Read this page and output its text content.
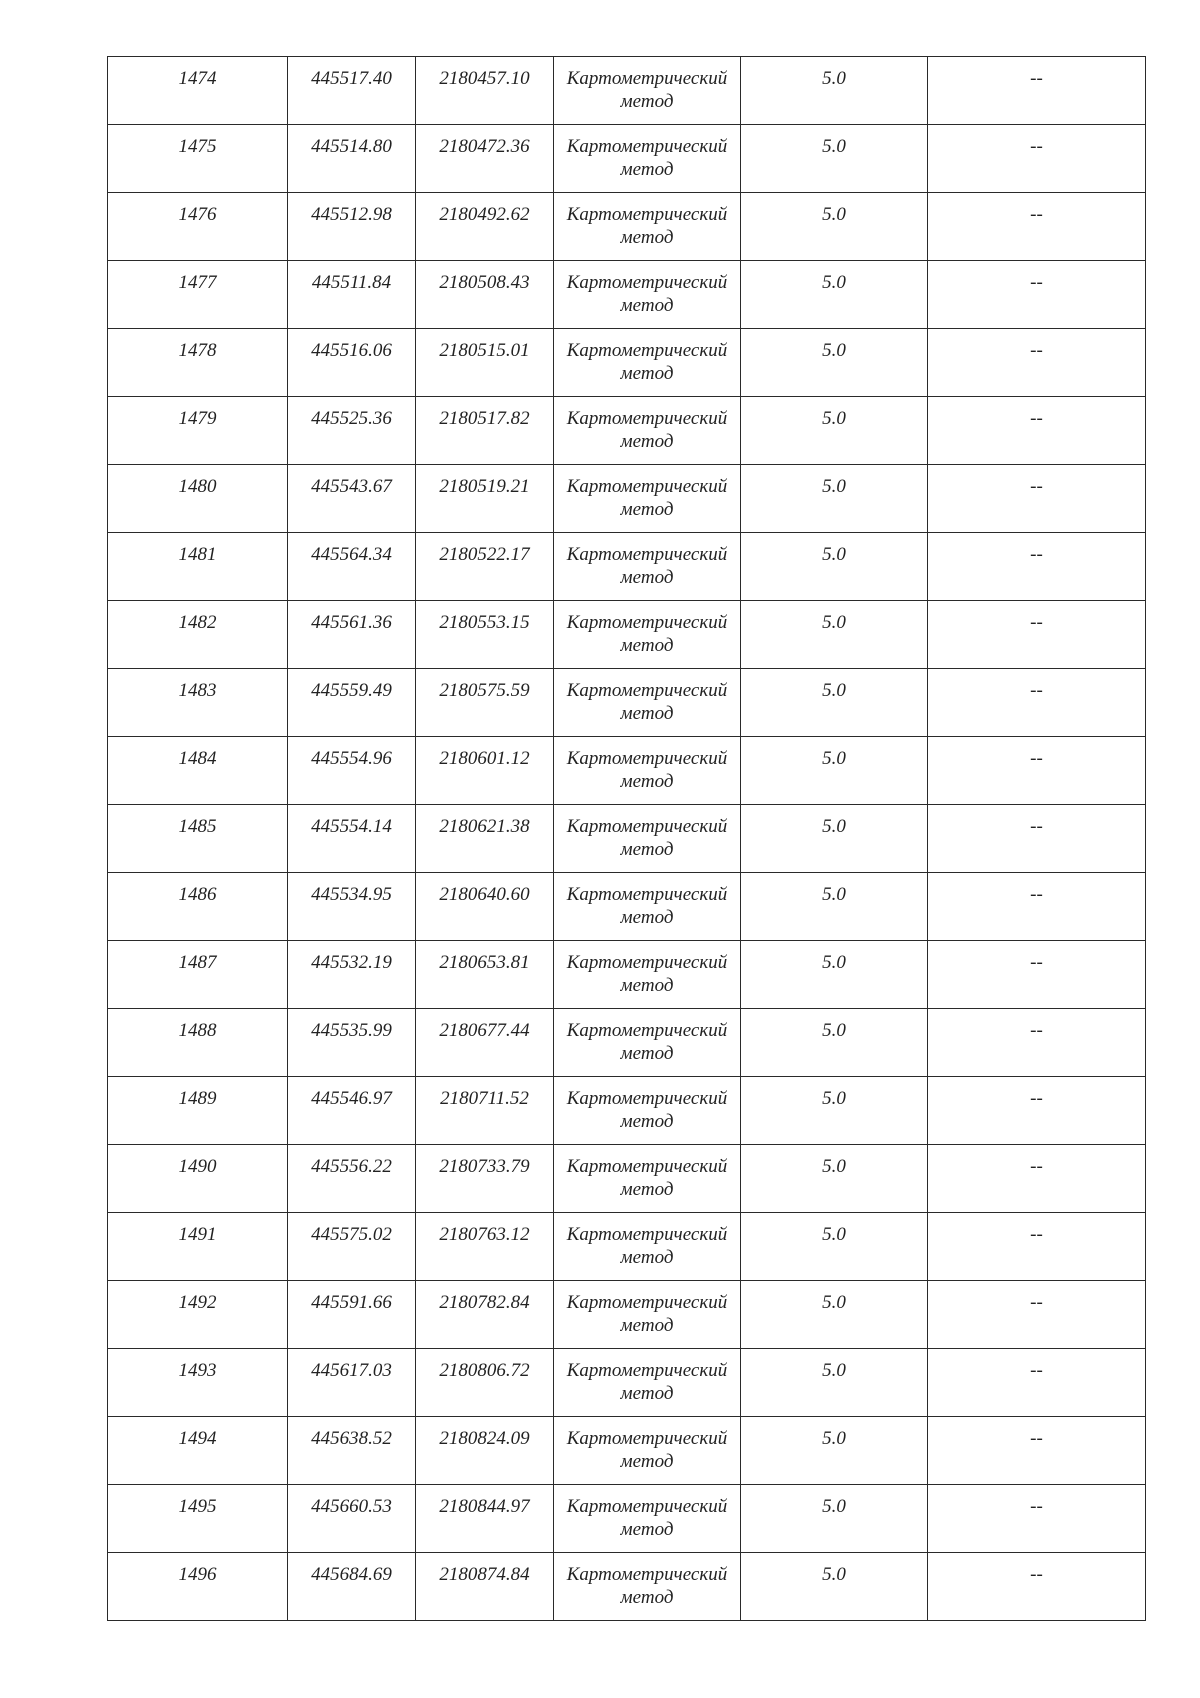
1474	445517.40	2180457.10	Картометрический метод	5.0	--

1475	445514.80	2180472.36	Картометрический метод	5.0	--

1476	445512.98	2180492.62	Картометрический метод	5.0	--

1477	445511.84	2180508.43	Картометрический метод	5.0	--

1478	445516.06	2180515.01	Картометрический метод	5.0	--

1479	445525.36	2180517.82	Картометрический метод	5.0	--

1480	445543.67	2180519.21	Картометрический метод	5.0	--

1481	445564.34	2180522.17	Картометрический метод	5.0	--

1482	445561.36	2180553.15	Картометрический метод	5.0	--

1483	445559.49	2180575.59	Картометрический метод	5.0	--

1484	445554.96	2180601.12	Картометрический метод	5.0	--

1485	445554.14	2180621.38	Картометрический метод	5.0	--

1486	445534.95	2180640.60	Картометрический метод	5.0	--

1487	445532.19	2180653.81	Картометрический метод	5.0	--

1488	445535.99	2180677.44	Картометрический метод	5.0	--

1489	445546.97	2180711.52	Картометрический метод	5.0	--

1490	445556.22	2180733.79	Картометрический метод	5.0	--

1491	445575.02	2180763.12	Картометрический метод	5.0	--

1492	445591.66	2180782.84	Картометрический метод	5.0	--

1493	445617.03	2180806.72	Картометрический метод	5.0	--

1494	445638.52	2180824.09	Картометрический метод	5.0	--

1495	445660.53	2180844.97	Картометрический метод	5.0	--

1496	445684.69	2180874.84	Картометрический метод	5.0	--
